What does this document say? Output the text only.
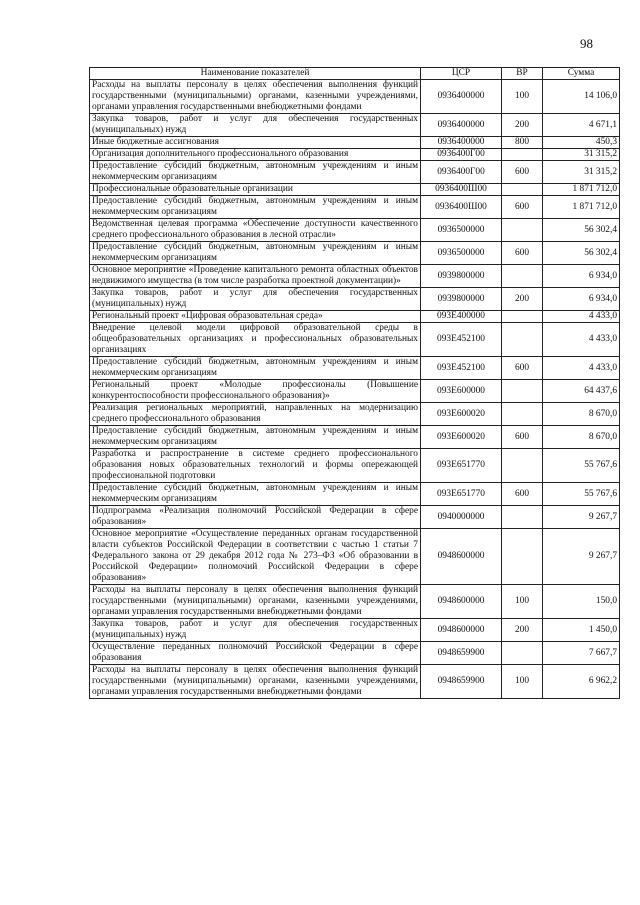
98
Наименование показателей	ЦСР	ВР	Сумма
Расходы на выплаты персоналу в целях обеспечения выполнения функций государственными (муниципальными) органами, казенными учреждениями, органами управления государственными внебюджетными фондами	0936400000	100	14 106,0
Закупка товаров, работ и услуг для обеспечения государственных (муниципальных) нужд	0936400000	200	4 671,1
Иные бюджетные ассигнования	0936400000	800	450,3
Организация дополнительного профессионального образования	0936400Г00		31 315,2
Предоставление субсидий бюджетным, автономным учреждениям и иным некоммерческим организациям	0936400Г00	600	31 315,2
Профессиональные образовательные организации	0936400Ш00		1 871 712,0
Предоставление субсидий бюджетным, автономным учреждениям и иным некоммерческим организациям	0936400Ш00	600	1 871 712,0
Ведомственная целевая программа «Обеспечение доступности качественного среднего профессионального образования в лесной отрасли»	0936500000		56 302,4
Предоставление субсидий бюджетным, автономным учреждениям и иным некоммерческим организациям	0936500000	600	56 302,4
Основное мероприятие «Проведение капитального ремонта областных объектов недвижимого имущества (в том числе разработка проектной документации)»	0939800000		6 934,0
Закупка товаров, работ и услуг для обеспечения государственных (муниципальных) нужд	0939800000	200	6 934,0
Региональный проект «Цифровая образовательная среда»	093E400000		4 433,0
Внедрение целевой модели цифровой образовательной среды в общеобразовательных организациях и профессиональных образовательных организациях	093E452100		4 433,0
Предоставление субсидий бюджетным, автономным учреждениям и иным некоммерческим организациям	093E452100	600	4 433,0
Региональный проект «Молодые профессионалы (Повышение конкурентоспособности профессионального образования)»	093E600000		64 437,6
Реализация региональных мероприятий, направленных на модернизацию среднего профессионального образования	093E600020		8 670,0
Предоставление субсидий бюджетным, автономным учреждениям и иным некоммерческим организациям	093E600020	600	8 670,0
Разработка и распространение в системе среднего профессионального образования новых образовательных технологий и формы опережающей профессиональной подготовки	093E651770		55 767,6
Предоставление субсидий бюджетным, автономным учреждениям и иным некоммерческим организациям	093E651770	600	55 767,6
Подпрограмма «Реализация полномочий Российской Федерации в сфере образования»	0940000000		9 267,7
Основное мероприятие «Осуществление переданных органам государственной власти субъектов Российской Федерации в соответствии с частью 1 статьи 7 Федерального закона от 29 декабря 2012 года № 273–ФЗ «Об образовании в Российской Федерации» полномочий Российской Федерации в сфере образования»	0948600000		9 267,7
Расходы на выплаты персоналу в целях обеспечения выполнения функций государственными (муниципальными) органами, казенными учреждениями, органами управления государственными внебюджетными фондами	0948600000	100	150,0
Закупка товаров, работ и услуг для обеспечения государственных (муниципальных) нужд	0948600000	200	1 450,0
Осуществление переданных полномочий Российской Федерации в сфере образования	0948659900		7 667,7
Расходы на выплаты персоналу в целях обеспечения выполнения функций государственными (муниципальными) органами, казенными учреждениями, органами управления государственными внебюджетными фондами	0948659900	100	6 962,2
